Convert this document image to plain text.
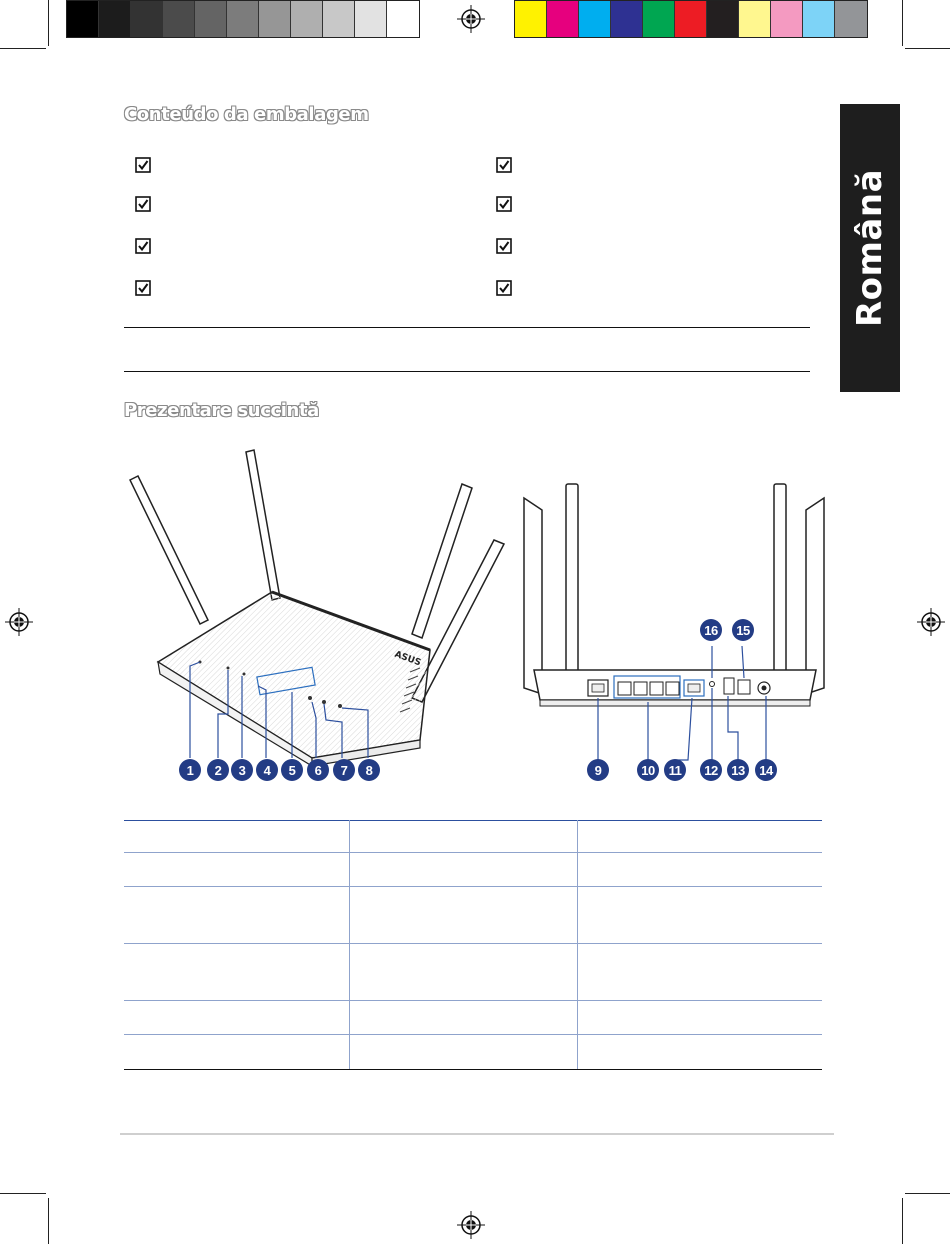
Română
Conteúdo da embalagem
Prezentare succintă
ASUS
1	2	3	4	5	6	7	8	9	10	11	12	13	14
16	15
